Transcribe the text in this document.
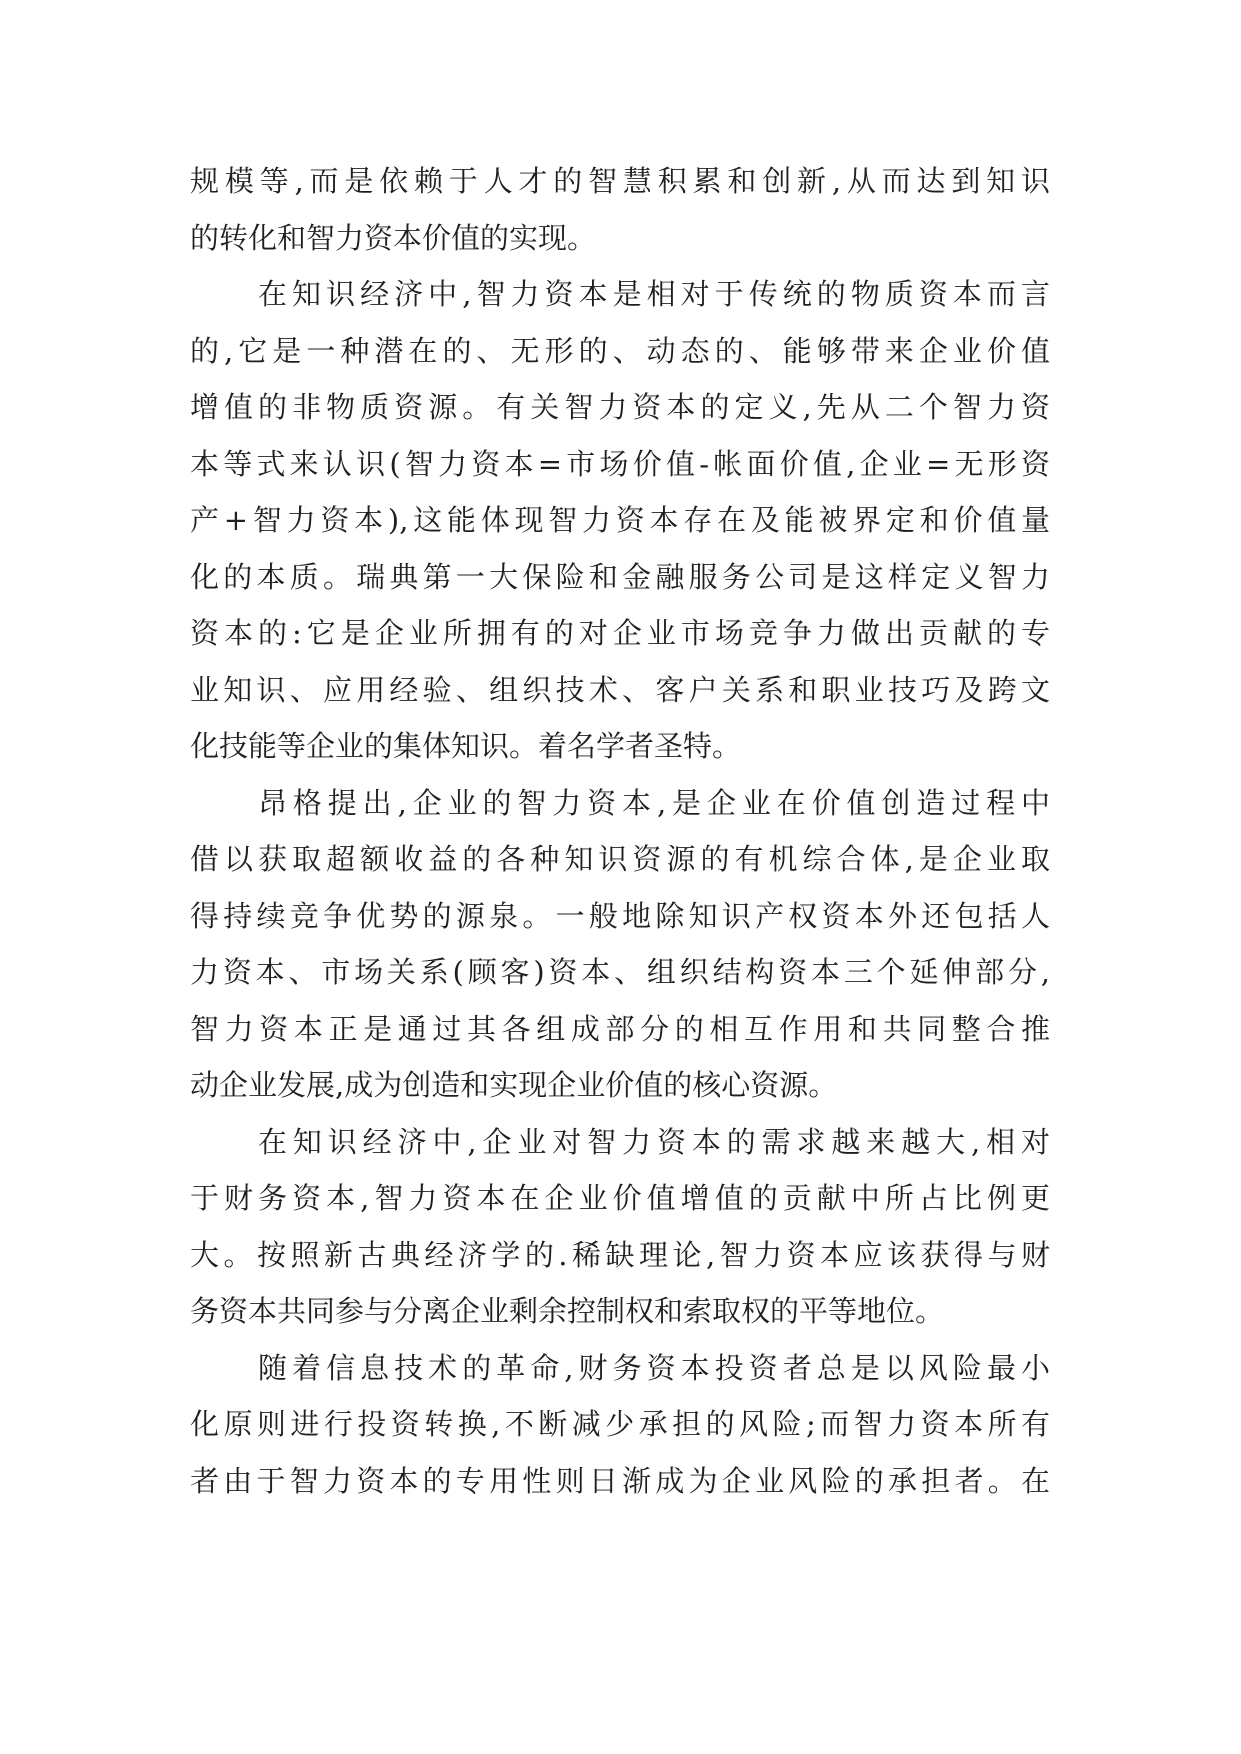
规模等,而是依赖于人才的智慧积累和创新,从而达到知识
的转化和智力资本价值的实现。
在知识经济中,智力资本是相对于传统的物质资本而言
的,它是一种潜在的、无形的、动态的、能够带来企业价值
增值的非物质资源。有关智力资本的定义,先从二个智力资
本等式来认识(智力资本=市场价值-帐面价值,企业=无形资
产+智力资本),这能体现智力资本存在及能被界定和价值量
化的本质。瑞典第一大保险和金融服务公司是这样定义智力
资本的:它是企业所拥有的对企业市场竞争力做出贡献的专
业知识、应用经验、组织技术、客户关系和职业技巧及跨文
化技能等企业的集体知识。着名学者圣特。
昂格提出,企业的智力资本,是企业在价值创造过程中
借以获取超额收益的各种知识资源的有机综合体,是企业取
得持续竞争优势的源泉。一般地除知识产权资本外还包括人
力资本、市场关系(顾客)资本、组织结构资本三个延伸部分,
智力资本正是通过其各组成部分的相互作用和共同整合推
动企业发展,成为创造和实现企业价值的核心资源。
在知识经济中,企业对智力资本的需求越来越大,相对
于财务资本,智力资本在企业价值增值的贡献中所占比例更
大。按照新古典经济学的.稀缺理论,智力资本应该获得与财
务资本共同参与分离企业剩余控制权和索取权的平等地位。
随着信息技术的革命,财务资本投资者总是以风险最小
化原则进行投资转换,不断减少承担的风险;而智力资本所有
者由于智力资本的专用性则日渐成为企业风险的承担者。在
